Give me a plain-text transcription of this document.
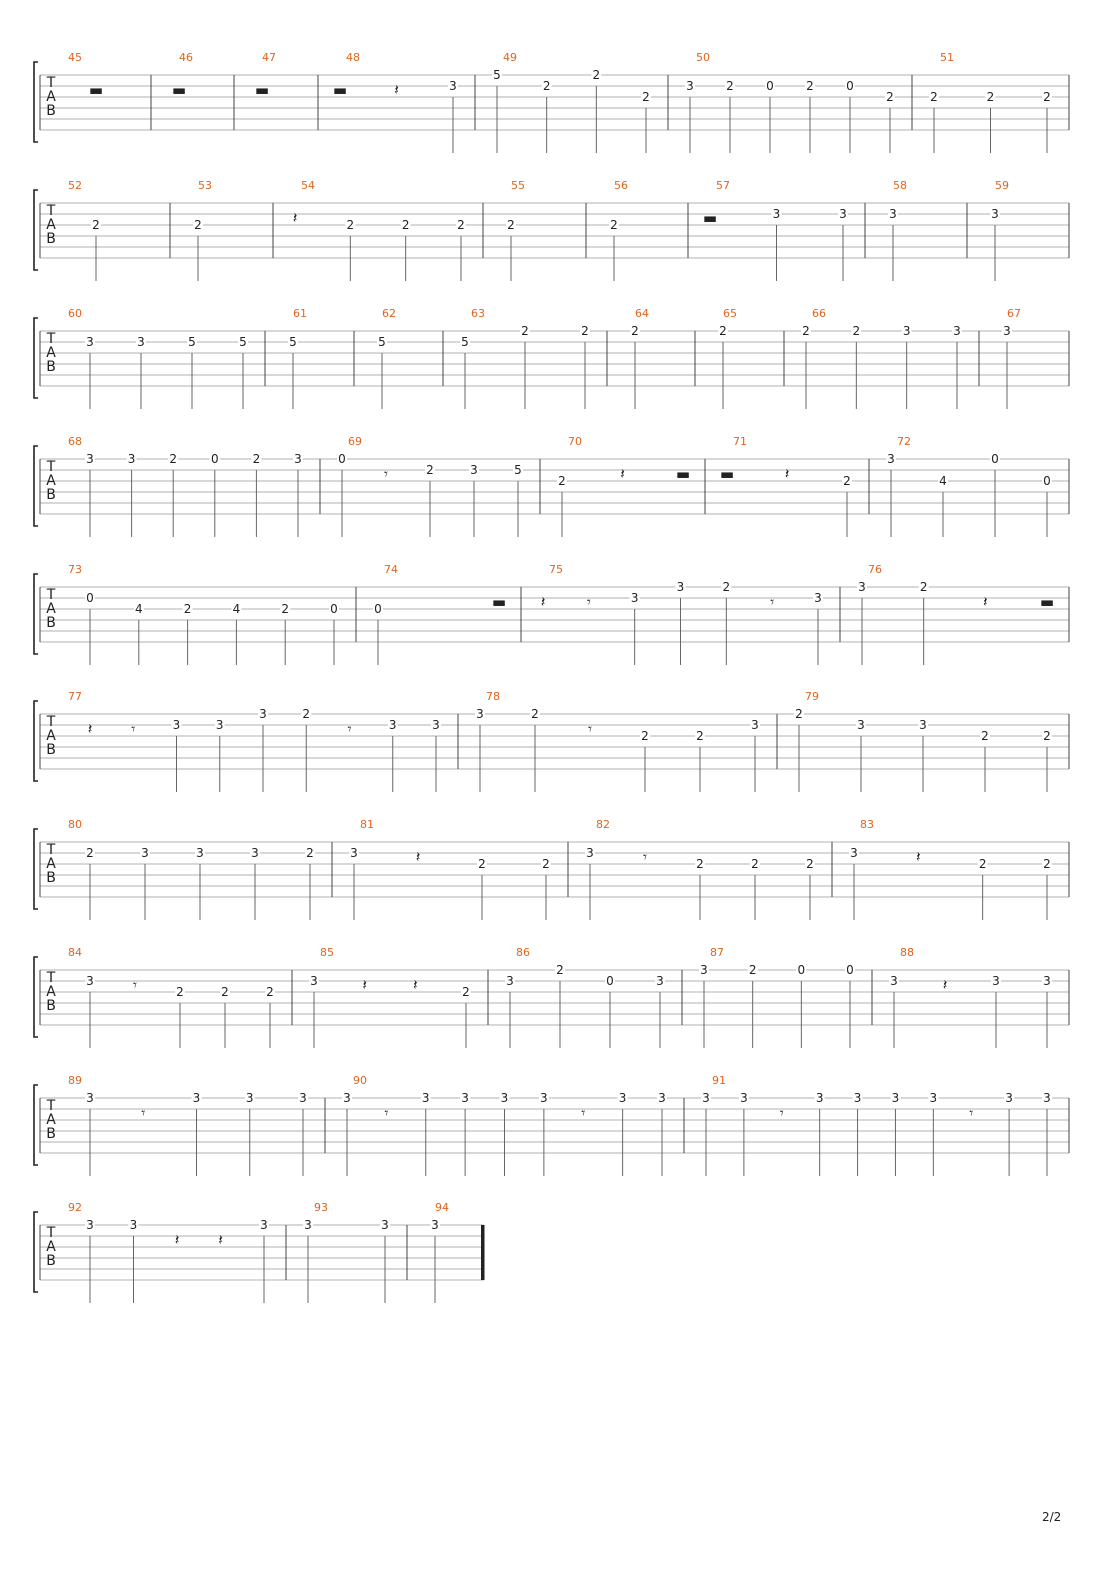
T
A
B
45
▬
46
▬
47
▬
48
▬	𝄽	3
49
5
2
2
2
50
3	2	0	2	0
2
51
2	2	2
T
A
B
52
2
53
2
54
𝄽	2	2	2
55
2
56
2
57
▬	3	3
58
3
59
3
T
A
B
60
3	3	5	5
61
5
62
5
63
5
2	2
64
2
65
2
66
2	2	3	3
67
3
T
A
B
68
3	3	2	0	2	3
69
0
𝄾	2	3	5
70
2	𝄽	▬
71
▬	𝄽	2
72
3
4
0
0
T
A
B
73
0
4	2	4	2	0
74
0	▬
75
𝄽	𝄾	3
3	2
𝄾	3
76
3	2
𝄽	▬
T
A
B
77
𝄽	𝄾	3	3
3	2
𝄾	3	3
78
3	2
𝄾	2	2
3
79
2
3	3
2	2
T
A
B
80
2	3	3	3	2
81
3	𝄽	2	2
82
3	𝄾	2	2	2
83
3	𝄽	2	2
T
A
B
84
3	𝄾	2	2	2
85
3	𝄽	𝄽	2
86
3
2
0	3
87
3	2	0	0
88
3	𝄽	3	3
T
A
B
89
3
𝄾
3	3	3
90
3
𝄾
3	3	3	3
𝄾
3	3
91
3	3
𝄾
3	3	3	3
𝄾
3	3
T
A
B
92
3	3
𝄽	𝄽
3
93
3	3
94
3
2/2
